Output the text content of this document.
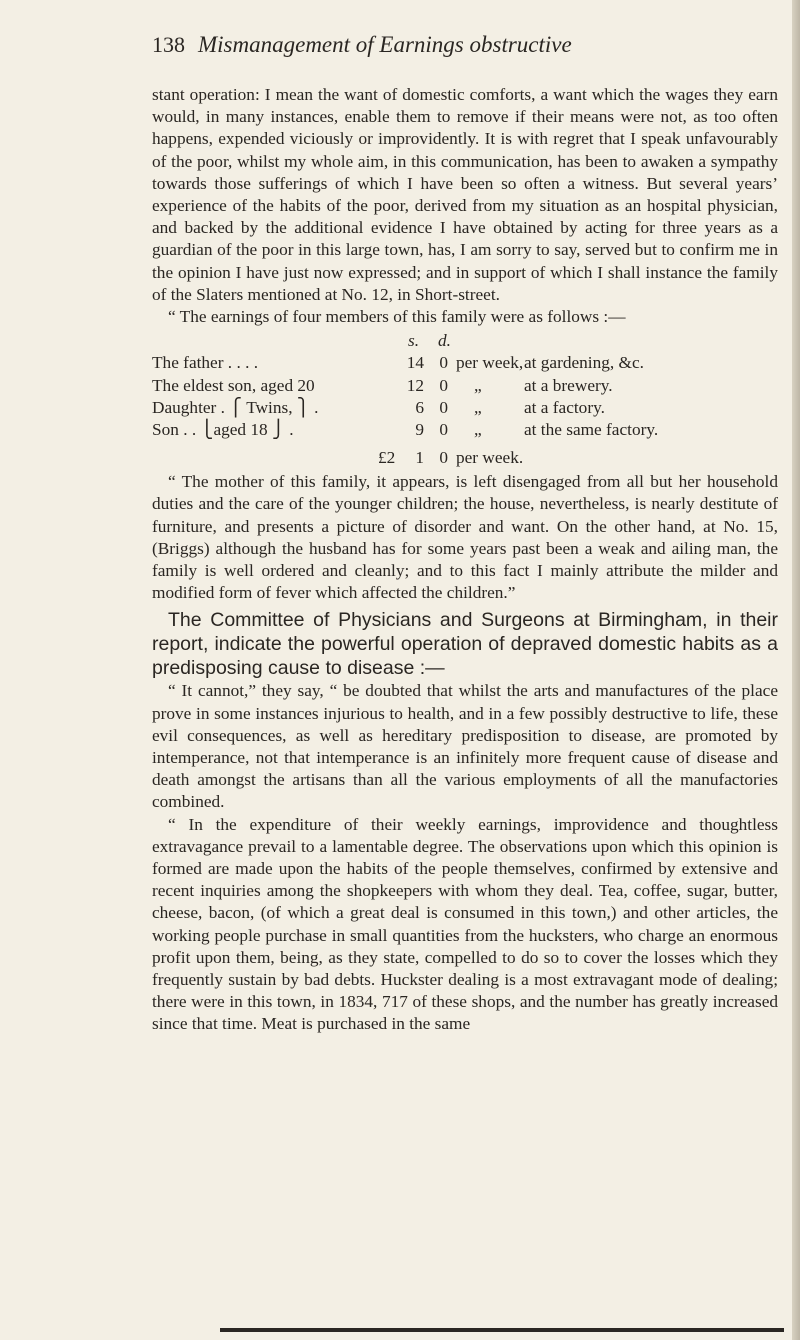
138 Mismanagement of Earnings obstructive

stant operation: I mean the want of domestic comforts, a want which the wages they earn would, in many instances, enable them to remove if their means were not, as too often happens, expended viciously or improvidently. It is with regret that I speak unfavourably of the poor, whilst my whole aim, in this communication, has been to awaken a sympathy towards those sufferings of which I have been so often a witness. But several years’ experience of the habits of the poor, derived from my situation as an hospital physician, and backed by the additional evidence I have obtained by acting for three years as a guardian of the poor in this large town, has, I am sorry to say, served but to confirm me in the opinion I have just now expressed; and in support of which I shall instance the family of the Slaters mentioned at No. 12, in Short-street.

“ The earnings of four members of this family were as follows :—

s. d.
The father . . . .	14 0 per week, at gardening, &c.
The eldest son, aged 20	12 0 „ at a brewery.
Daughter . ⎧ Twins, ⎫ .	6 0 „ at a factory.
Son . . ⎩aged 18 ⎭ .	9 0 „ at the same factory.
£2	1 0 per week.

“ The mother of this family, it appears, is left disengaged from all but her household duties and the care of the younger children; the house, nevertheless, is nearly destitute of furniture, and presents a picture of disorder and want. On the other hand, at No. 15, (Briggs) although the husband has for some years past been a weak and ailing man, the family is well ordered and cleanly; and to this fact I mainly attribute the milder and modified form of fever which affected the children.”

The Committee of Physicians and Surgeons at Birmingham, in their report, indicate the powerful operation of depraved domestic habits as a predisposing cause to disease :—

“ It cannot,” they say, “ be doubted that whilst the arts and manufactures of the place prove in some instances injurious to health, and in a few possibly destructive to life, these evil consequences, as well as hereditary predisposition to disease, are promoted by intemperance, not that intemperance is an infinitely more frequent cause of disease and death amongst the artisans than all the various employments of all the manufactories combined.

“ In the expenditure of their weekly earnings, improvidence and thoughtless extravagance prevail to a lamentable degree. The observations upon which this opinion is formed are made upon the habits of the people themselves, confirmed by extensive and recent inquiries among the shopkeepers with whom they deal. Tea, coffee, sugar, butter, cheese, bacon, (of which a great deal is consumed in this town,) and other articles, the working people purchase in small quantities from the hucksters, who charge an enormous profit upon them, being, as they state, compelled to do so to cover the losses which they frequently sustain by bad debts. Huckster dealing is a most extravagant mode of dealing; there were in this town, in 1834, 717 of these shops, and the number has greatly increased since that time. Meat is purchased in the same
